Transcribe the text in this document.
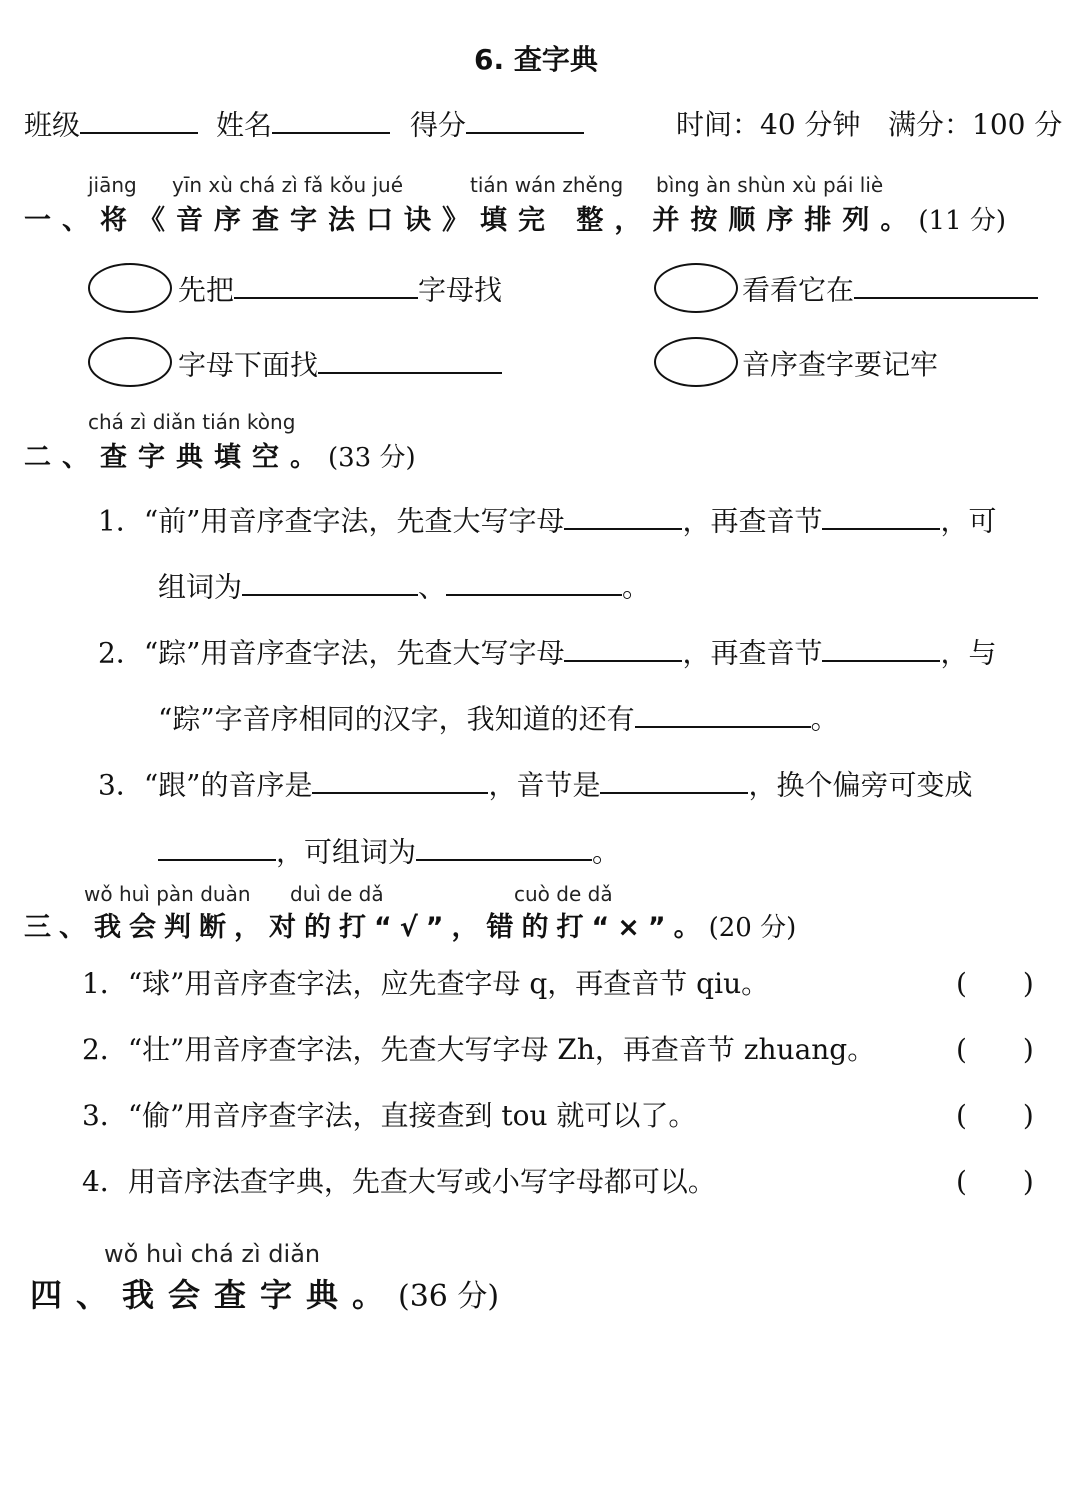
6. 查字典
班级	姓名	得分	时间：40 分钟 满分：100 分
jiāng yīn xù chá zì fǎ kǒu jué	tián wán zhěng bìng àn shùn xù pái liè
一、将《音序查字法口诀》填完 整，并按顺序排列。(11 分)
先把	字母找	看看它在
字母下面找	音序查字要记牢
chá zì diǎn tián kòng
二、查字典填空。(33 分)
1．“前”用音序查字法，先查大写字母	，再查音节	，可
组词为	、	。
2．“踪”用音序查字法，先查大写字母	，再查音节	，与
“踪”字音序相同的汉字，我知道的还有	。
3．“跟”的音序是	，音节是	，换个偏旁可变成
，可组词为	。
wǒ huì pàn duàn duì de dǎ	cuò de dǎ
三、我会判断，对的打“√”，错的打“×”。(20 分)
1．“球”用音序查字法，应先查字母 q，再查音节 qiu。	(　　)
2．“壮”用音序查字法，先查大写字母 Zh，再查音节 zhuang。	(　　)
3．“偷”用音序查字法，直接查到 tou 就可以了。	(　　)
4．用音序法查字典，先查大写或小写字母都可以。	(　　)
wǒ huì chá zì diǎn
四、我会查字典。(36 分)
